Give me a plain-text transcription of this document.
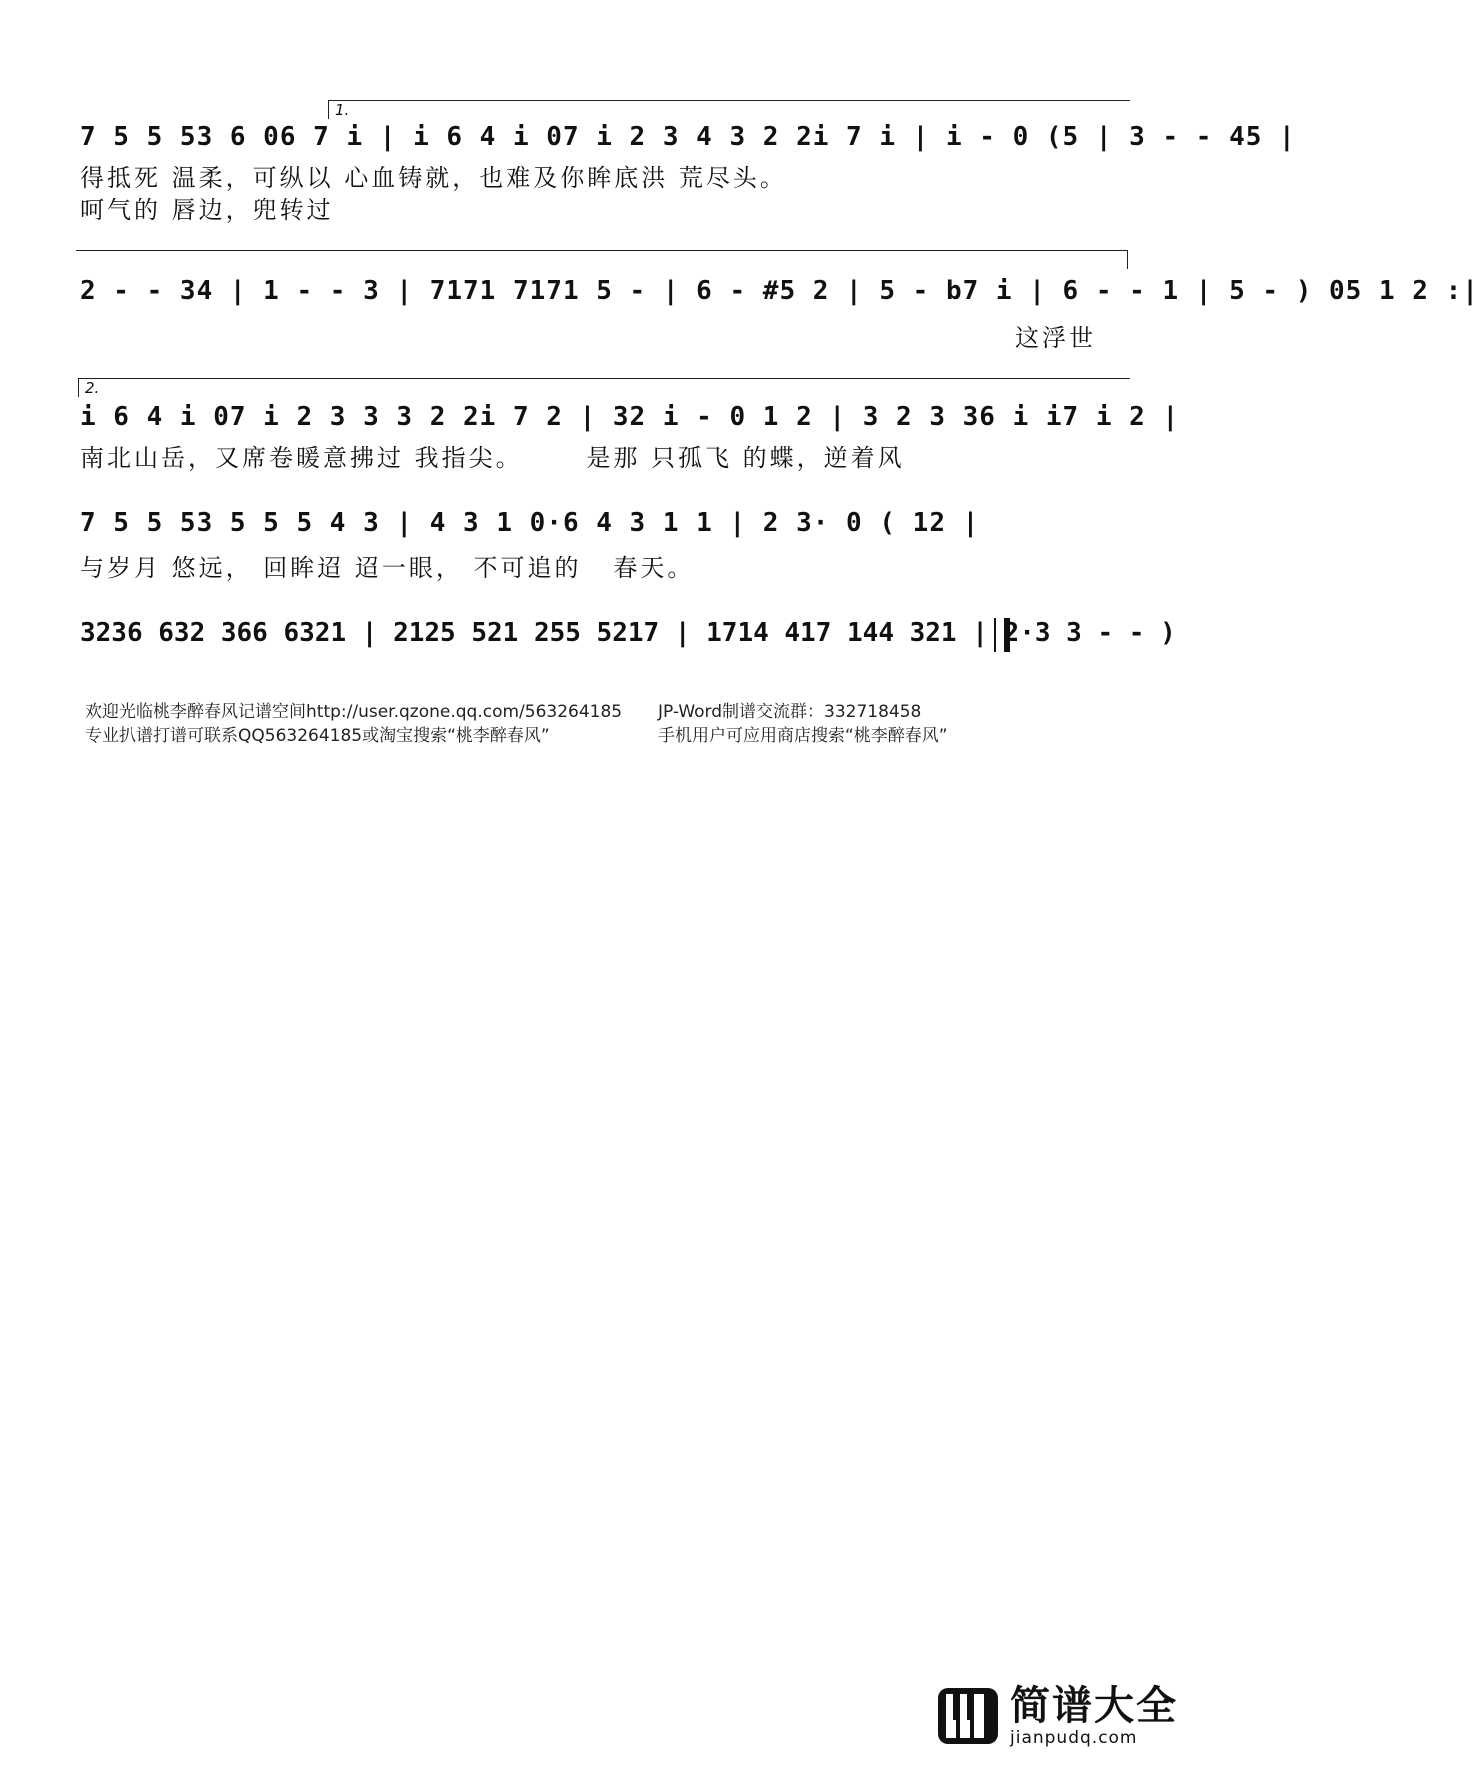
1.
7 5 5 53 6 06 7 i | i 6 4 i 07 i 2 3 4 3 2 2i 7 i | i - 0 (5 | 3 - - 45 |
得抵死 温柔，可纵以 心血铸就，也难及你眸底洪 荒尽头。
呵气的 唇边，兜转过
2 - - 34 | 1 - - 3 | 7171 7171 5 - | 6 - #5 2 | 5 - b7 i | 6 - - 1 | 5 - ) 05 1 2 :|
这浮世
2.
i 6 4 i 07 i 2 3 3 3 2 2i 7 2 | 32 i - 0 1 2 | 3 2 3 36 i i7 i 2 |
南北山岳，又席卷暖意拂过 我指尖。      是那 只孤飞 的蝶，逆着风
7 5 5 53 5 5 5 4 3 | 4 3 1 0·6 4 3 1 1 | 2 3· 0 ( 12 |
与岁月 悠远， 回眸迢 迢一眼， 不可追的   春天。
3236 632 366 6321 | 2125 521 255 5217 | 1714 417 144 321 | 2·3 3 - - )
欢迎光临桃李醉春风记谱空间http://user.qzone.qq.com/563264185 JP-Word制谱交流群：332718458
专业扒谱打谱可联系QQ563264185或淘宝搜索“桃李醉春风”	手机用户可应用商店搜索“桃李醉春风”
简谱大全
jianpudq.com
